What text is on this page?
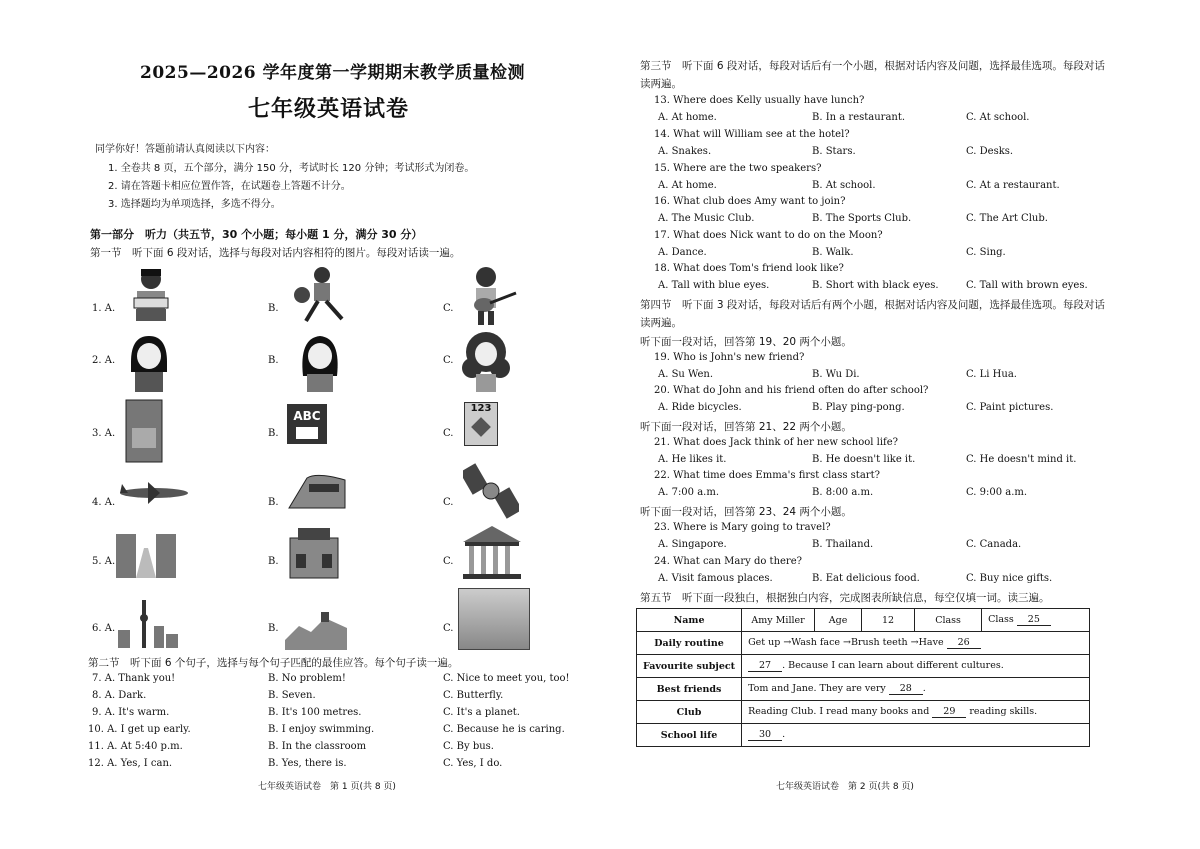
2025—2026 学年度第一学期期末教学质量检测
七年级英语试卷
同学你好！答题前请认真阅读以下内容：
1. 全卷共 8 页，五个部分，满分 150 分，考试时长 120 分钟；考试形式为闭卷。
2. 请在答题卡相应位置作答，在试题卷上答题不计分。
3. 选择题均为单项选择，多选不得分。
第一部分　听力（共五节，30 个小题；每小题 1 分，满分 30 分）
第一节　听下面 6 段对话，选择与每段对话内容相符的图片。每段对话读一遍。
1. A.	B.	C.
2. A.	B.	C.
3. A.	B.	C.
ABC
123
4. A.	B.	C.
5. A.	B.	C.
6. A.	B.	C.
第二节　听下面 6 个句子，选择与每个句子匹配的最佳应答。每个句子读一遍。
7. A. Thank you!	B. No problem!	C. Nice to meet you, too!
8. A. Dark.	B. Seven.	C. Butterfly.
9. A. It's warm.	B. It's 100 metres.	C. It's a planet.
10. A. I get up early.	B. I enjoy swimming.	C. Because he is caring.
11. A. At 5:40 p.m.	B. In the classroom	C. By bus.
12. A. Yes, I can.	B. Yes, there is.	C. Yes, I do.
七年级英语试卷　第 1 页(共 8 页)
第三节　听下面 6 段对话，每段对话后有一个小题，根据对话内容及问题，选择最佳选项。每段对话
读两遍。
13. Where does Kelly usually have lunch?
A. At home.	B. In a restaurant.	C. At school.
14. What will William see at the hotel?
A. Snakes.	B. Stars.	C. Desks.
15. Where are the two speakers?
A. At home.	B. At school.	C. At a restaurant.
16. What club does Amy want to join?
A. The Music Club.	B. The Sports Club.	C. The Art Club.
17. What does Nick want to do on the Moon?
A. Dance.	B. Walk.	C. Sing.
18. What does Tom's friend look like?
A. Tall with blue eyes.	B. Short with black eyes.	C. Tall with brown eyes.
第四节　听下面 3 段对话，每段对话后有两个小题，根据对话内容及问题，选择最佳选项。每段对话
读两遍。
听下面一段对话，回答第 19、20 两个小题。
19. Who is John's new friend?
A. Su Wen.	B. Wu Di.	C. Li Hua.
20. What do John and his friend often do after school?
A. Ride bicycles.	B. Play ping-pong.	C. Paint pictures.
听下面一段对话，回答第 21、22 两个小题。
21. What does Jack think of her new school life?
A. He likes it.	B. He doesn't like it.	C. He doesn't mind it.
22. What time does Emma's first class start?
A. 7:00 a.m.	B. 8:00 a.m.	C. 9:00 a.m.
听下面一段对话，回答第 23、24 两个小题。
23. Where is Mary going to travel?
A. Singapore.	B. Thailand.	C. Canada.
24. What can Mary do there?
A. Visit famous places.	B. Eat delicious food.	C. Buy nice gifts.
第五节　听下面一段独白，根据独白内容，完成图表所缺信息，每空仅填一词。读三遍。
Name	Amy Miller	Age	12	Class	Class 25
Daily routine	Get up →Wash face →Brush teeth →Have 26				
Favourite subject	27 . Because I can learn about different cultures.				
Best friends	Tom and Jane. They are very 28 .				
Club	Reading Club. I read many books and 29 reading skills.				
School life	30 .				
七年级英语试卷　第 2 页(共 8 页)
